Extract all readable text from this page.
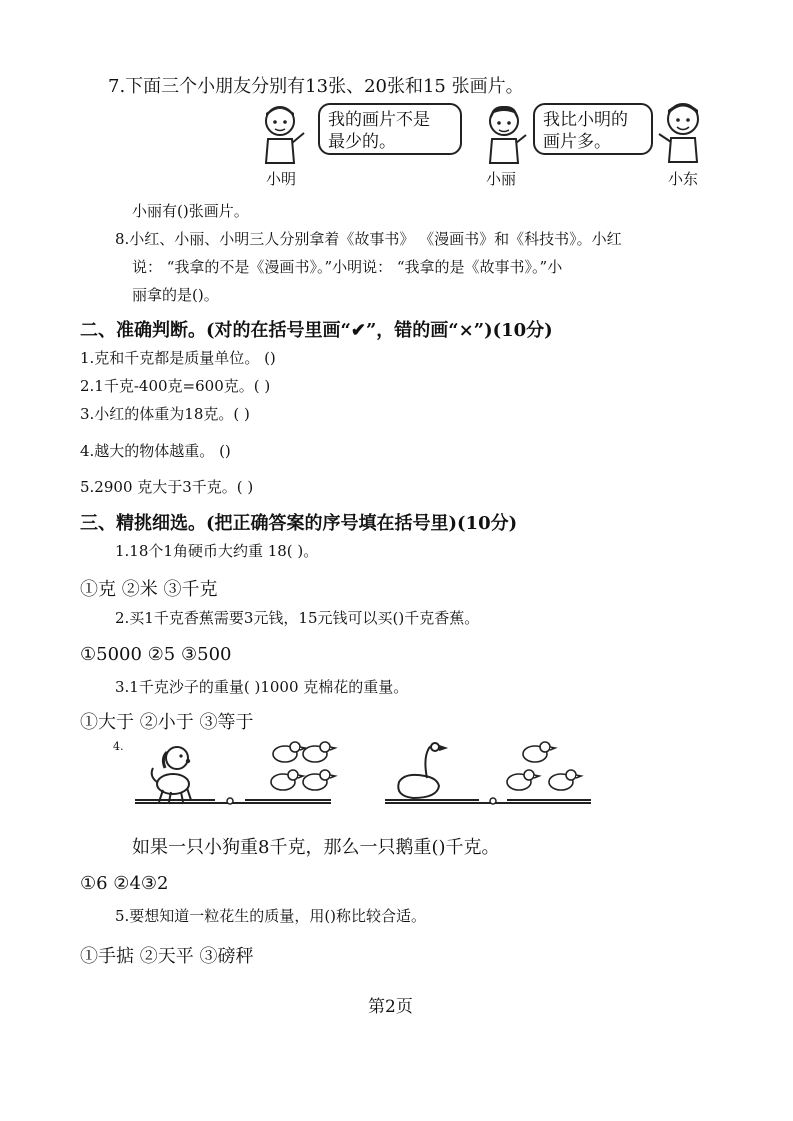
7.下面三个小朋友分别有13张、20张和15 张画片。
我的画片不是
最少的。
我比小明的
画片多。
小明	小丽	小东
小丽有()张画片。
8.小红、小丽、小明三人分别拿着《故事书》 《漫画书》和《科技书》。小红
说： “我拿的不是《漫画书》。”小明说： “我拿的是《故事书》。”小
丽拿的是()。
二、准确判断。(对的在括号里画“✔”，错的画“×”)(10分)
1.克和千克都是质量单位。 ()
2.1千克-400克=600克。( )
3.小红的体重为18克。( )
4.越大的物体越重。 ()
5.2900 克大于3千克。( )
三、精挑细选。(把正确答案的序号填在括号里)(10分)
1.18个1角硬币大约重 18( )。
①克 ②米 ③千克
2.买1千克香蕉需要3元钱，15元钱可以买()千克香蕉。
①5000 ②5 ③500
3.1千克沙子的重量( )1000 克棉花的重量。
①大于 ②小于 ③等于
4.
如果一只小狗重8千克，那么一只鹅重()千克。
①6 ②4③2
5.要想知道一粒花生的质量，用()称比较合适。
①手掂 ②天平 ③磅秤
第2页
